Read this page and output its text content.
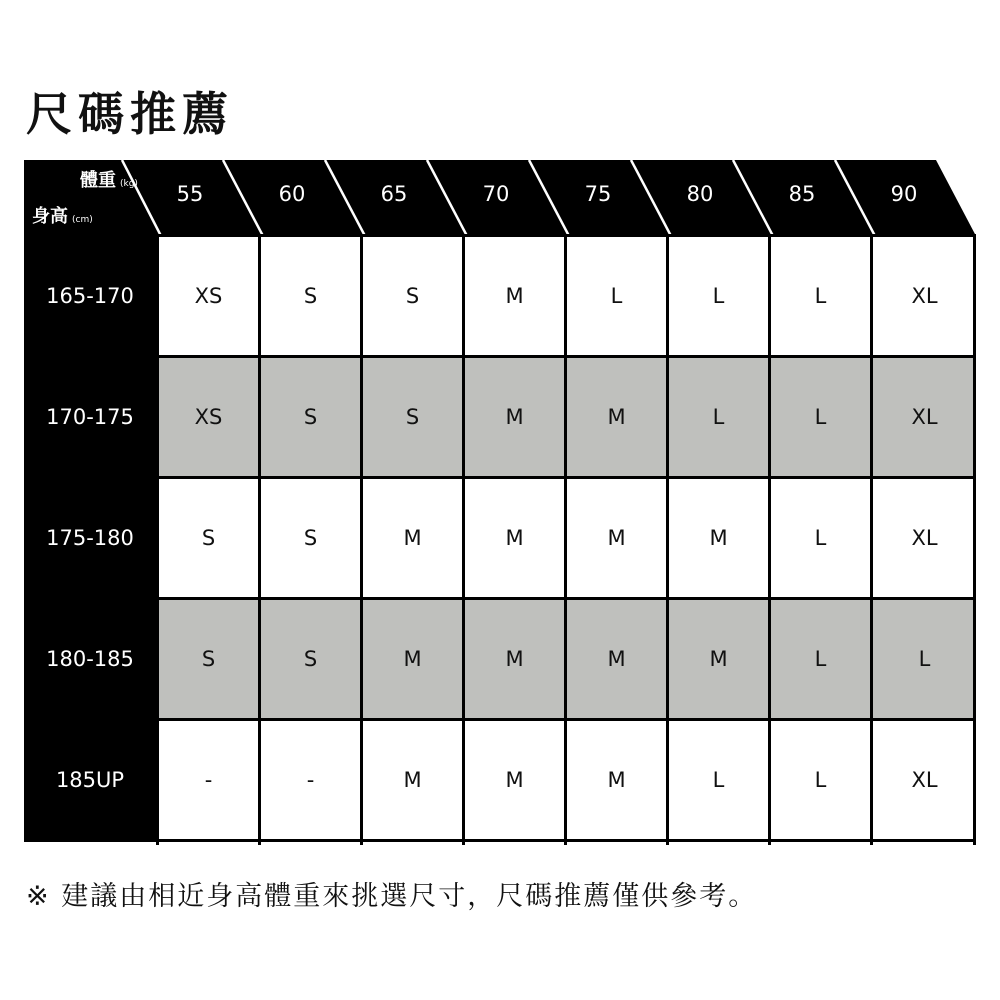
尺碼推薦
體重 (kg)
身高 (cm)
55	60	65	70	75	80	85	90
165-170	XS	S	S	M	L	L	L	XL
170-175	XS	S	S	M	M	L	L	XL
175-180	S	S	M	M	M	M	L	XL
180-185	S	S	M	M	M	M	L	L
185UP	-	-	M	M	M	L	L	XL
※ 建議由相近身高體重來挑選尺寸，尺碼推薦僅供參考。
